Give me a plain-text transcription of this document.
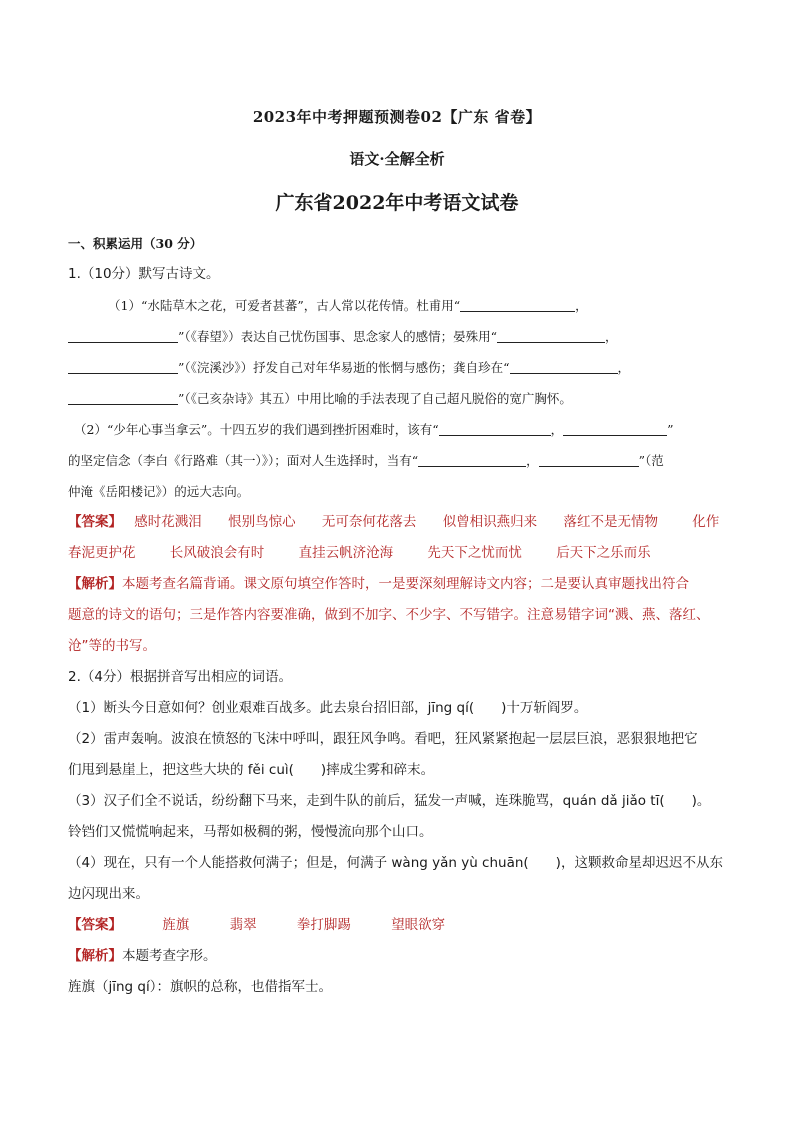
2023年中考押题预测卷02【广东 省卷】
语文·全解全析
广东省2022年中考语文试卷
一、积累运用（30 分）
1.（10分）默写古诗文。
（1）“水陆草木之花，可爱者甚蕃”，古人常以花传情。杜甫用“	，
”（《春望》）表达自己忧伤国事、思念家人的感情；晏殊用“	，
”（《浣溪沙》）抒发自己对年华易逝的怅惘与感伤；龚自珍在“	，
”（《己亥杂诗》其五）中用比喻的手法表现了自己超凡脱俗的宽广胸怀。
（2）“少年心事当拿云”。十四五岁的我们遇到挫折困难时，该有“	，	”
的坚定信念（李白《行路难（其一）》）；面对人生选择时，当有“	，	”（范
仲淹《岳阳楼记》）的远大志向。
【答案】 感时花溅泪 恨别鸟惊心 无可奈何花落去 似曾相识燕归来 落红不是无情物	化作
春泥更护花	长风破浪会有时	直挂云帆济沧海	先天下之忧而忧	后天下之乐而乐
【解析】本题考查名篇背诵。课文原句填空作答时，一是要深刻理解诗文内容；二是要认真审题找出符合
题意的诗文的语句；三是作答内容要准确，做到不加字、不少字、不写错字。注意易错字词“溅、燕、落红、
沧”等的书写。
2.（4分）根据拼音写出相应的词语。
（1）断头今日意如何？创业艰难百战多。此去泉台招旧部，jīng qí(　　)十万斩阎罗。
（2）雷声轰响。波浪在愤怒的飞沫中呼叫，跟狂风争鸣。看吧，狂风紧紧抱起一层层巨浪，恶狠狠地把它
们甩到悬崖上，把这些大块的 fěi cuì(　　)摔成尘雾和碎末。
（3）汉子们全不说话，纷纷翻下马来，走到牛队的前后，猛发一声喊，连珠脆骂，quán dǎ jiǎo tī(　　)。
铃铛们又慌慌响起来，马帮如极稠的粥，慢慢流向那个山口。
（4）现在，只有一个人能搭救何满子；但是，何满子 wàng yǎn yù chuān(　　)，这颗救命星却迟迟不从东
边闪现出来。
【答案】	旌旗	翡翠	拳打脚踢	望眼欲穿
【解析】本题考查字形。
旌旗（jīng qí）：旗帜的总称，也借指军士。
